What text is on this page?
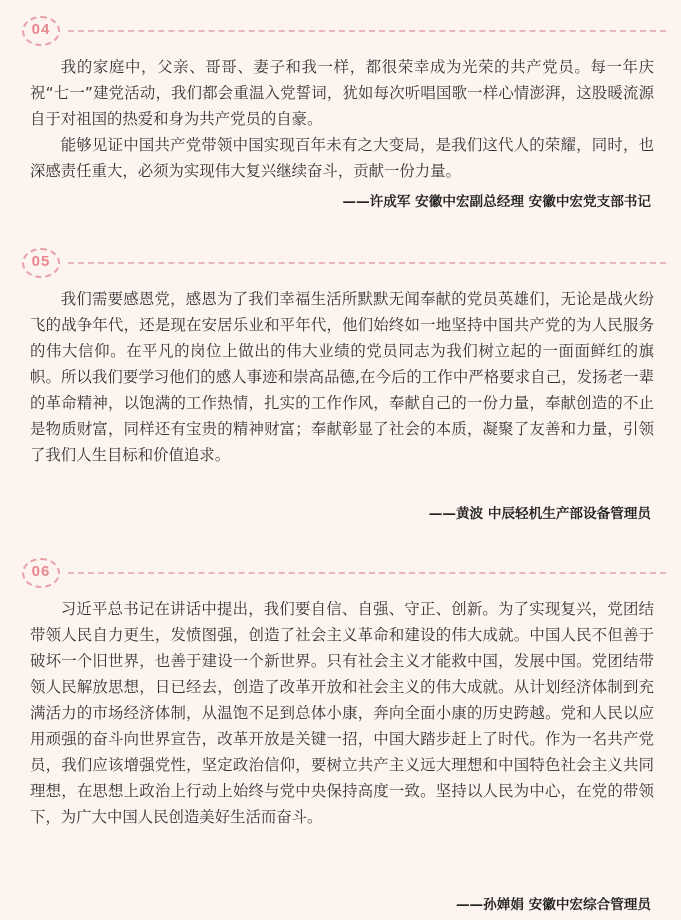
04

我的家庭中，父亲、哥哥、妻子和我一样，都很荣幸成为光荣的共产党员。每一年庆祝“七一”建党活动，我们都会重温入党誓词，犹如每次听唱国歌一样心情澎湃，这股暖流源自于对祖国的热爱和身为共产党员的自豪。

能够见证中国共产党带领中国实现百年未有之大变局，是我们这代人的荣耀，同时，也深感责任重大，必须为实现伟大复兴继续奋斗，贡献一份力量。

——许成军 安徽中宏副总经理 安徽中宏党支部书记

05

我们需要感恩党，感恩为了我们幸福生活所默默无闻奉献的党员英雄们，无论是战火纷飞的战争年代，还是现在安居乐业和平年代，他们始终如一地坚持中国共产党的为人民服务的伟大信仰。在平凡的岗位上做出的伟大业绩的党员同志为我们树立起的一面面鲜红的旗帜。所以我们要学习他们的感人事迹和崇高品德,在今后的工作中严格要求自己，发扬老一辈的革命精神，以饱满的工作热情，扎实的工作作风，奉献自己的一份力量，奉献创造的不止是物质财富，同样还有宝贵的精神财富；奉献彰显了社会的本质，凝聚了友善和力量，引领了我们人生目标和价值追求。

——黄波 中辰轻机生产部设备管理员

06

习近平总书记在讲话中提出，我们要自信、自强、守正、创新。为了实现复兴，党团结带领人民自力更生，发愤图强，创造了社会主义革命和建设的伟大成就。中国人民不但善于破坏一个旧世界，也善于建设一个新世界。只有社会主义才能救中国，发展中国。党团结带领人民解放思想，日已经去，创造了改革开放和社会主义的伟大成就。从计划经济体制到充满活力的市场经济体制，从温饱不足到总体小康，奔向全面小康的历史跨越。党和人民以应用顽强的奋斗向世界宣告，改革开放是关键一招，中国大踏步赶上了时代。作为一名共产党员，我们应该增强党性，坚定政治信仰，要树立共产主义远大理想和中国特色社会主义共同理想，在思想上政治上行动上始终与党中央保持高度一致。坚持以人民为中心，在党的带领下，为广大中国人民创造美好生活而奋斗。

——孙婵娟 安徽中宏综合管理员
